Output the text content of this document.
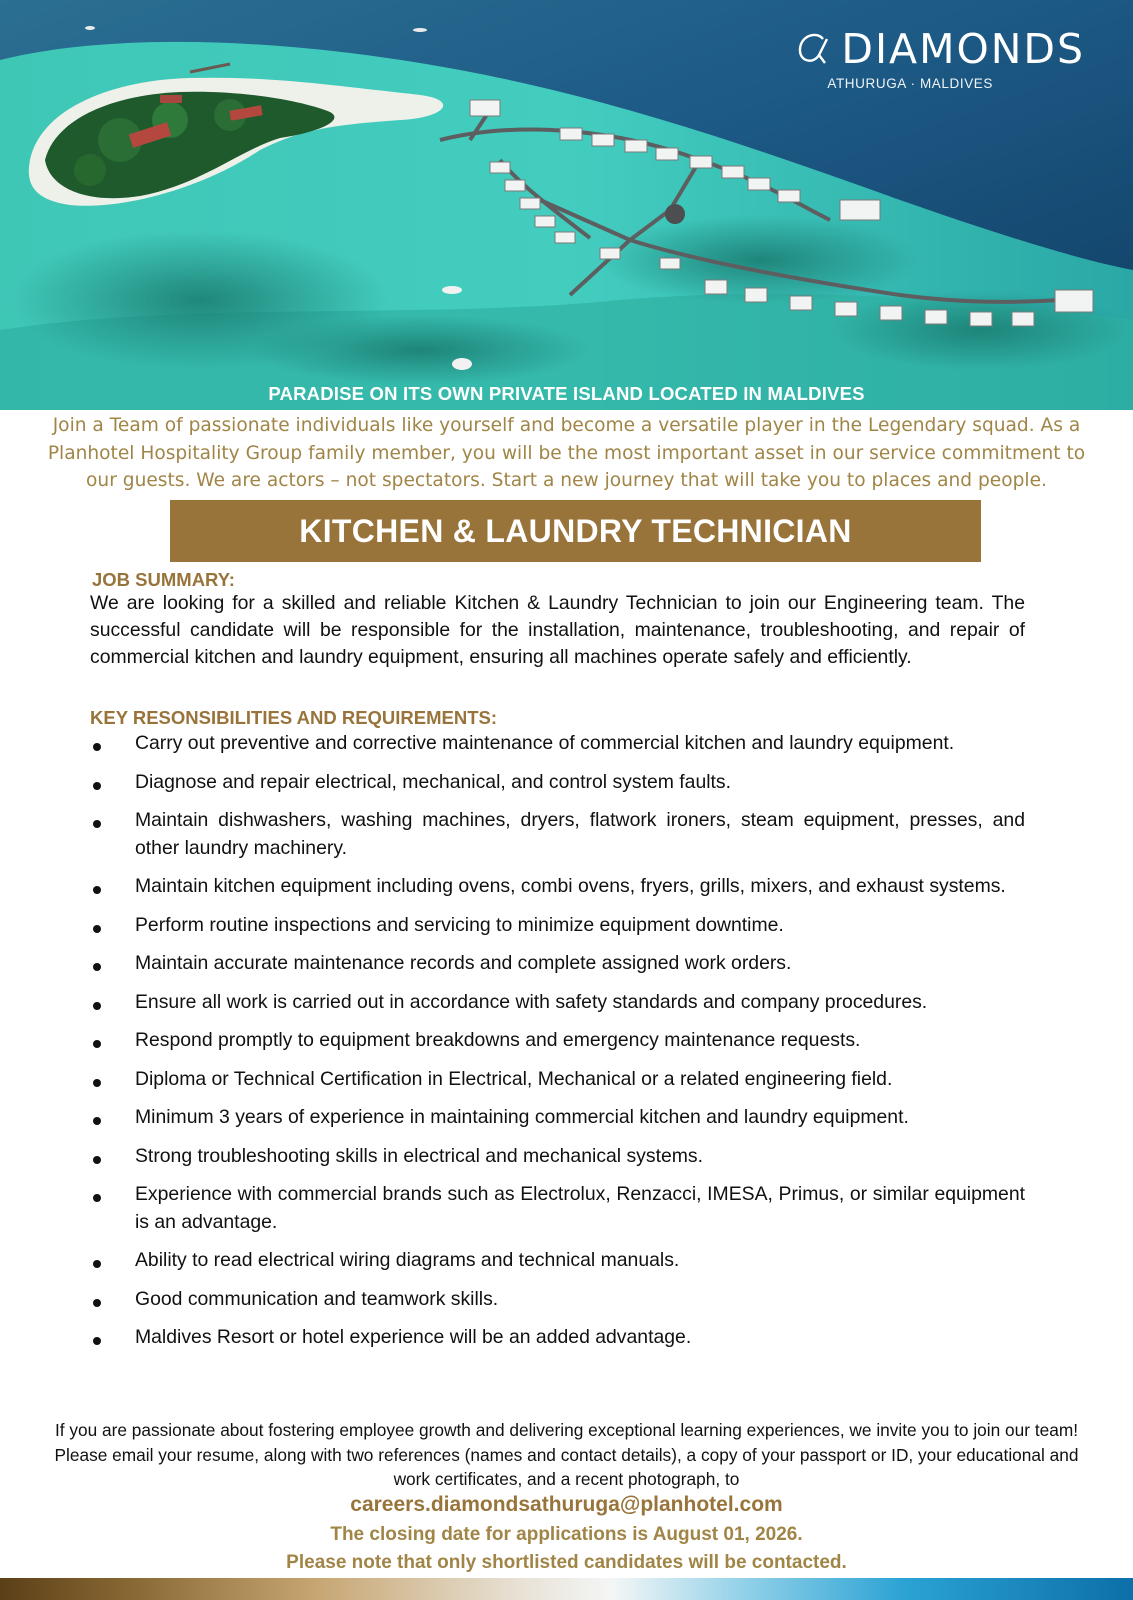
DIAMONDS
ATHURUGA · MALDIVES
PARADISE ON ITS OWN PRIVATE ISLAND LOCATED IN MALDIVES
Join a Team of passionate individuals like yourself and become a versatile player in the Legendary squad. As a Planhotel Hospitality Group family member, you will be the most important asset in our service commitment to our guests. We are actors – not spectators. Start a new journey that will take you to places and people.
KITCHEN & LAUNDRY TECHNICIAN
JOB SUMMARY:
We are looking for a skilled and reliable Kitchen & Laundry Technician to join our Engineering team. The successful candidate will be responsible for the installation, maintenance, troubleshooting, and repair of commercial kitchen and laundry equipment, ensuring all machines operate safely and efficiently.
KEY RESONSIBILITIES AND REQUIREMENTS:
Carry out preventive and corrective maintenance of commercial kitchen and laundry equipment.
Diagnose and repair electrical, mechanical, and control system faults.
Maintain dishwashers, washing machines, dryers, flatwork ironers, steam equipment, presses, and other laundry machinery.
Maintain kitchen equipment including ovens, combi ovens, fryers, grills, mixers, and exhaust systems.
Perform routine inspections and servicing to minimize equipment downtime.
Maintain accurate maintenance records and complete assigned work orders.
Ensure all work is carried out in accordance with safety standards and company procedures.
Respond promptly to equipment breakdowns and emergency maintenance requests.
Diploma or Technical Certification in Electrical, Mechanical or a related engineering field.
Minimum 3 years of experience in maintaining commercial kitchen and laundry equipment.
Strong troubleshooting skills in electrical and mechanical systems.
Experience with commercial brands such as Electrolux, Renzacci, IMESA, Primus, or similar equipment is an advantage.
Ability to read electrical wiring diagrams and technical manuals.
Good communication and teamwork skills.
Maldives Resort or hotel experience will be an added advantage.
If you are passionate about fostering employee growth and delivering exceptional learning experiences, we invite you to join our team! Please email your resume, along with two references (names and contact details), a copy of your passport or ID, your educational and work certificates, and a recent photograph, to
careers.diamondsathuruga@planhotel.com
The closing date for applications is August 01, 2026.
Please note that only shortlisted candidates will be contacted.
